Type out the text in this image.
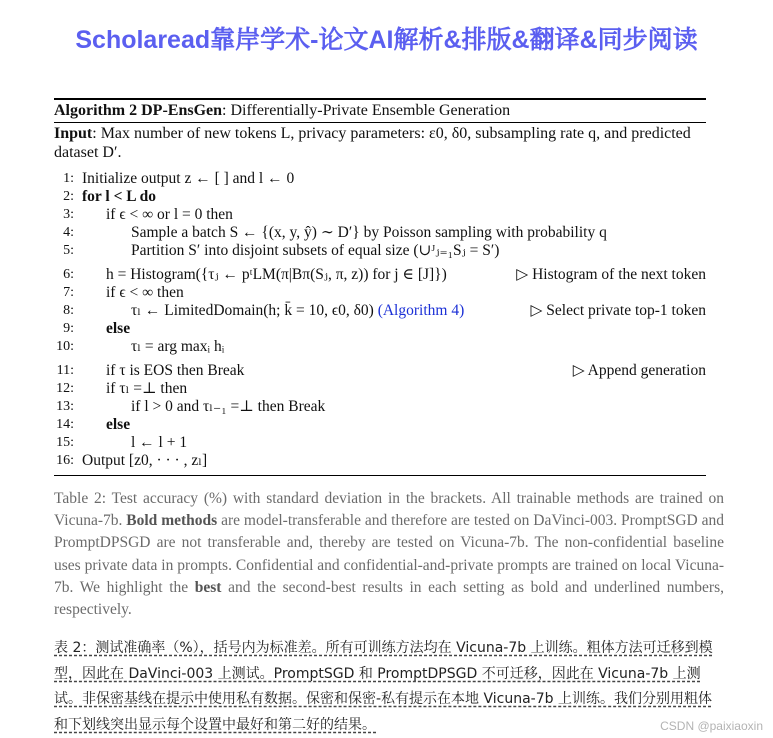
Scholaread靠岸学术-论文AI解析&排版&翻译&同步阅读
Algorithm 2 DP-EnsGen: Differentially-Private Ensemble Generation
Input: Max number of new tokens L, privacy parameters: ε0, δ0, subsampling rate q, and predicted dataset D′.
1: Initialize output z ← [ ] and l ← 0
2: for l < L do
3: if ϵ < ∞ or l = 0 then
4:	Sample a batch S ← {(x, y, ŷ) ∼ D′} by Poisson sampling with probability q
5:	Partition S′ into disjoint subsets of equal size (∪ᴶⱼ₌₁Sⱼ = S′)
6: h = Histogram({τⱼ ← pᵗLM(π|Bπ(Sⱼ, π, z)) for j ∈ [J]})	▷ Histogram of the next token
7: if ϵ < ∞ then
8:	τₗ ← LimitedDomain(h; k̄ = 10, ϵ0, δ0) (Algorithm 4)	▷ Select private top-1 token
9: else
10:	τₗ = arg maxᵢ hᵢ
11: if τ is EOS then Break	▷ Append generation
12: if τₗ =⊥ then
13:	if l > 0 and τₗ₋₁ =⊥ then Break
14: else
15:	l ← l + 1
16: Output [z0, · · · , zₗ]
Table 2: Test accuracy (%) with standard deviation in the brackets. All trainable methods are trained on Vicuna-7b. Bold methods are model-transferable and therefore are tested on DaVinci-003. PromptSGD and PromptDPSGD are not transferable and, thereby are tested on Vicuna-7b. The non-confidential baseline uses private data in prompts. Confidential and confidential-and-private prompts are trained on local Vicuna-7b. We highlight the best and the second-best results in each setting as bold and underlined numbers, respectively.
表 2：测试准确率（%），括号内为标准差。所有可训练方法均在 Vicuna-7b 上训练。粗体方法可迁移到模型，因此在 DaVinci-003 上测试。PromptSGD 和 PromptDPSGD 不可迁移，因此在 Vicuna-7b 上测试。非保密基线在提示中使用私有数据。保密和保密-私有提示在本地 Vicuna-7b 上训练。我们分别用粗体和下划线突出显示每个设置中最好和第二好的结果。	CSDN @paixiaoxin
